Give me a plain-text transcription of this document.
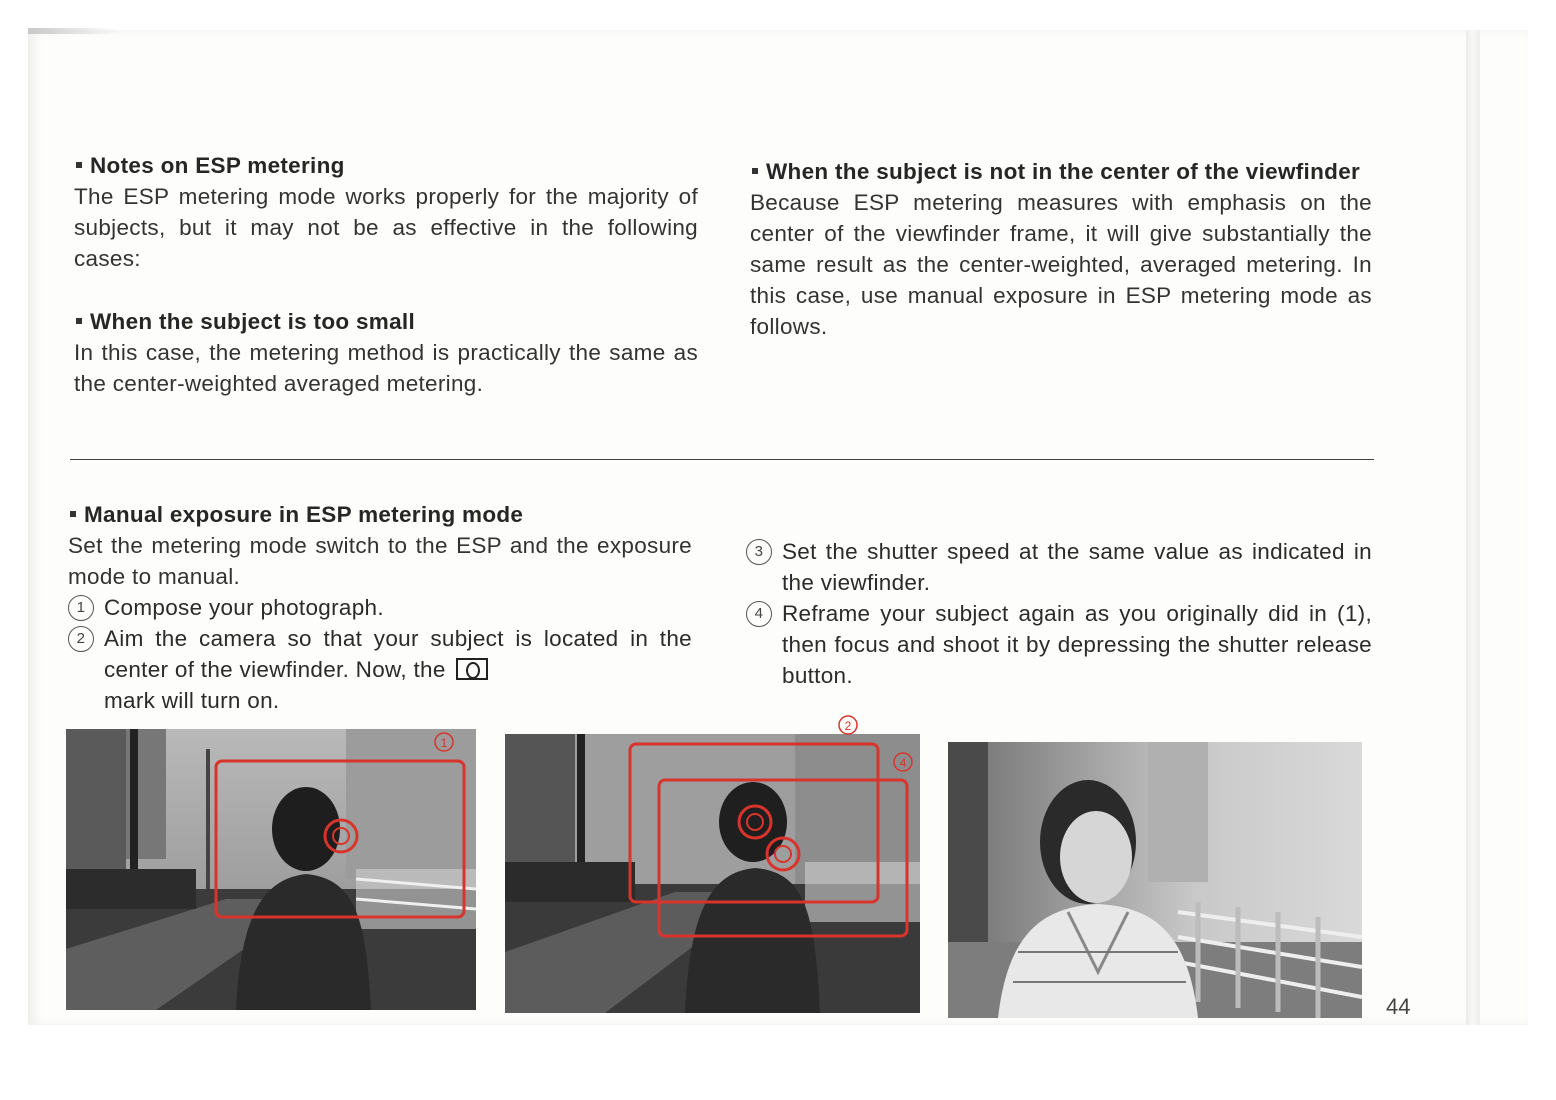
Notes on ESP metering
The ESP metering mode works properly for the majority of subjects, but it may not be as effective in the following cases:
When the subject is too small
In this case, the metering method is practically the same as the center-weighted averaged metering.
When the subject is not in the center of the viewfinder
Because ESP metering measures with emphasis on the center of the viewfinder frame, it will give substantially the same result as the center-weighted, averaged metering. In this case, use manual exposure in ESP metering mode as follows.
Manual exposure in ESP metering mode
Set the metering mode switch to the ESP and the exposure mode to manual.
1 Compose your photograph.
2 Aim the camera so that your subject is located in the center of the viewfinder. Now, the
mark will turn on.
3 Set the shutter speed at the same value as indicated in the viewfinder.
4 Reframe your subject again as you originally did in (1), then focus and shoot it by depressing the shutter release button.
1
2
4
44
